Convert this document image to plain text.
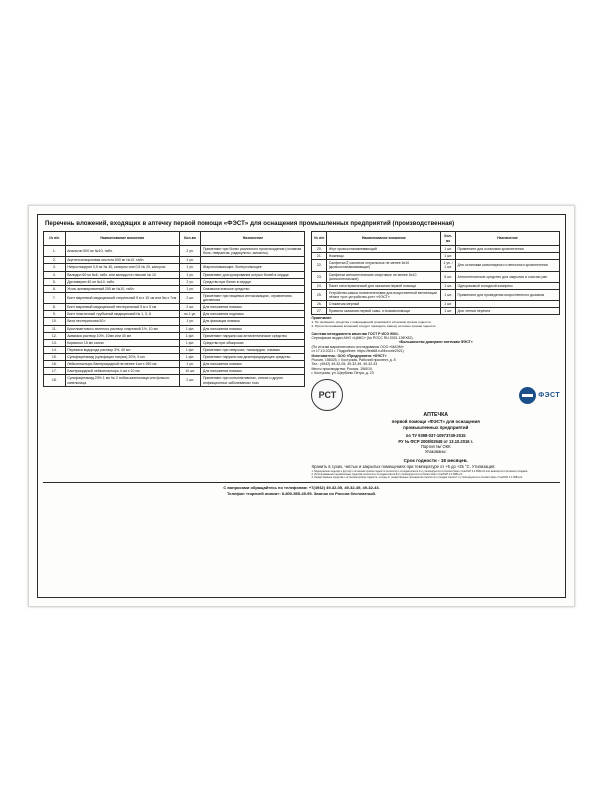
Перечень вложений, входящих в аптечку первой помощи «ФЭСТ» для оснащения промышленных предприятий (производственная)
№ п/п	Наименование вложения	Кол-во	Назначение
1.	Анальгин 500 мг №10, табл.	2 уп.	Применяют при болях различного происхождения (головная боль, невралгия, радикулиты, миозиты).
2.	Ацетилсалициловая кислота 500 мг №10, табл.	1 уп.	
3.	Нитроглицерин 0,5 мг № 40, капсулы или 0,5 № 20, капсулы	1 уп.	Жаропонижающее, болеутоляющее
4.	Валидол 60 мг №6, табл. или валидол в глюкозе № 10	1 уп.	Применяют для купирования острых болей в сердце
5.	Дротаверин 40 мг №10, табл.	2 уп.	Средство при болях в сердце
6.	Уголь активированный 250 мг №10, табл.	1 уп.	Спазмолитическое средство
7.	Бинт марлевый медицинский стерильный 5 м х 10 см или 5м х 7см	2 шт.	Применяют при пищевых интоксикациях, отравлениях, диспепсии
8.	Бинт марлевый медицинский нестерильный 5 м х 5 см	2 шт.	Для наложения повязок
9.	Бинт эластичный трубчатый медицинский № 1, 3, 6	по 1 уп.	Для наложения подпязок
10.	Вата нестерильная 50 г	1 уп.	Для фиксации повязок
11.	Бриллиантового зеленого раствор спиртовой 1%, 10 мл	1 фл.	Для наложения повязок
12.	Аммиака раствор 10%, 10мл или 40 мл	1 фл.	Применяют наружно как антисептическое средство
13.	Корвалол 15 мл капли	1 фл.	Средство при обмороках
14.	Перекиси водорода раствор 3%, 40 мл	1 фл.	Применяют при неврозах, тахикардии, спазмах
15.	Сульфацетамид (сульфацил натрия) 20%, 5 мл	1 фл.	Применяют наружно как дезинфицирующее средство
16.	Лейкопластырь бактерицидный не менее 1см х 250 см	1 уп.	Для наложения повязок
17.	Бактерицидный лейкопластырь 4 см х 10 см	10 шт.	Для наложения повязок
18.	Сульфацетамид 20% 1 мл № 2 тюбик-капельница или флакон-капельница	2 шт.	Применяют при конъюнктивитах, отеках и других инфекционных заболеваниях глаз
№ п/п	Наименование вложения	Кол-во	Назначение
20.	Жгут кровоостанавливающий	1 шт.	Применяют для остановки кровотечения
21.	Ножницы	1 шт.	
22.	Салфетки或 изолятов стерильные не менее 6х10 (кровоостанавливающие)	1 уп. / 1 шт.	Для остановки капиллярного и венозного кровотечения
23.	Салфетки антисептические спиртовые не менее 6х10 (антисептические)	5 шт.	Антисептическое средство для закрытия и очистки ран
24.	Пакет гипотермический для оказания первой помощи	1 шт.	Одноразовый холодный компресс
25.	Устройство-маска полиэтиленовая для искусственной вентиляции лёгких «рот-устройство-рот» «ФЭСТ»	1 шт.	Применяют для проведения искусственного дыхания
26.	Стаканчик мерный	1 шт.	
27.	Правила оказания первой само- и взаимопомощи	1 шт.	Для чтения перечня
Примечание:
1. Не применять средства с повреждённой упаковкой и истекшим сроком годности.
2. При использовании вложений следует проводить замену согласно срокам годности.
Система менеджмента качества ГОСТ Р ИСО 9001.
Сертификат выдан АНО «ЦМКС» (№ РОСС RU.0001.13ФХ82).
«Большинство доверяют аптечкам ФЭСТ»
(По итогам маркетингового исследования ООО «МАЭМ»
от 17.10.2021 г. Подробнее: https://fest68.ru/Movorie2021)
Изготовитель: ООО «Предприятие «ФЭСТ»
Россия, 156025, г. Кострома, Рабочий проспект, д. 8
Тел.: (4942) 49-32-05, 49-32-49, 49-32-43
Место производства: Россия, 156019,
г. Кострома, ул. Щербины Петра, д. 23
РСТ	ФЭСТ
АПТЕЧКА
первой помощи «ФЭСТ» для оснащения
промышленных предприятий
по ТУ 9398-037-10973749-2015
РУ № ФСР 2008/02948 от 13.10.2016 г.
Партия №/ ОКК
Упакованы:
Срок годности - 18 месяцев.
Хранить в сухих, чистых и закрытых помещениях при температуре от +5 до +25 °C. Утилизация:
1. Медицинские изделия и футляр с истекшим сроком годности относятся к отходам класса А и утилизируются в соответствии с СанПиН 2.1.3684-21 или вывозятся в бытовом отходами.
2. Использованные перевязочные средства относятся к отходам класса Б и утилизируются в соответствии с СанПиН 2.1.3684-21.
3. Лекарственные средства с истекшим сроком годности, отходы от лекарственных препаратов относятся к отходам класса Г и утилизируются в соответствии с СанПиН 2.1.3684-21.
С вопросами обращайтесь по телефонам: +7(4942) 49-32-05, 49-32-49, 49-32-43.
Телефон «горячей линии»: 8-800-555-45-95. Звонок по России бесплатный.
